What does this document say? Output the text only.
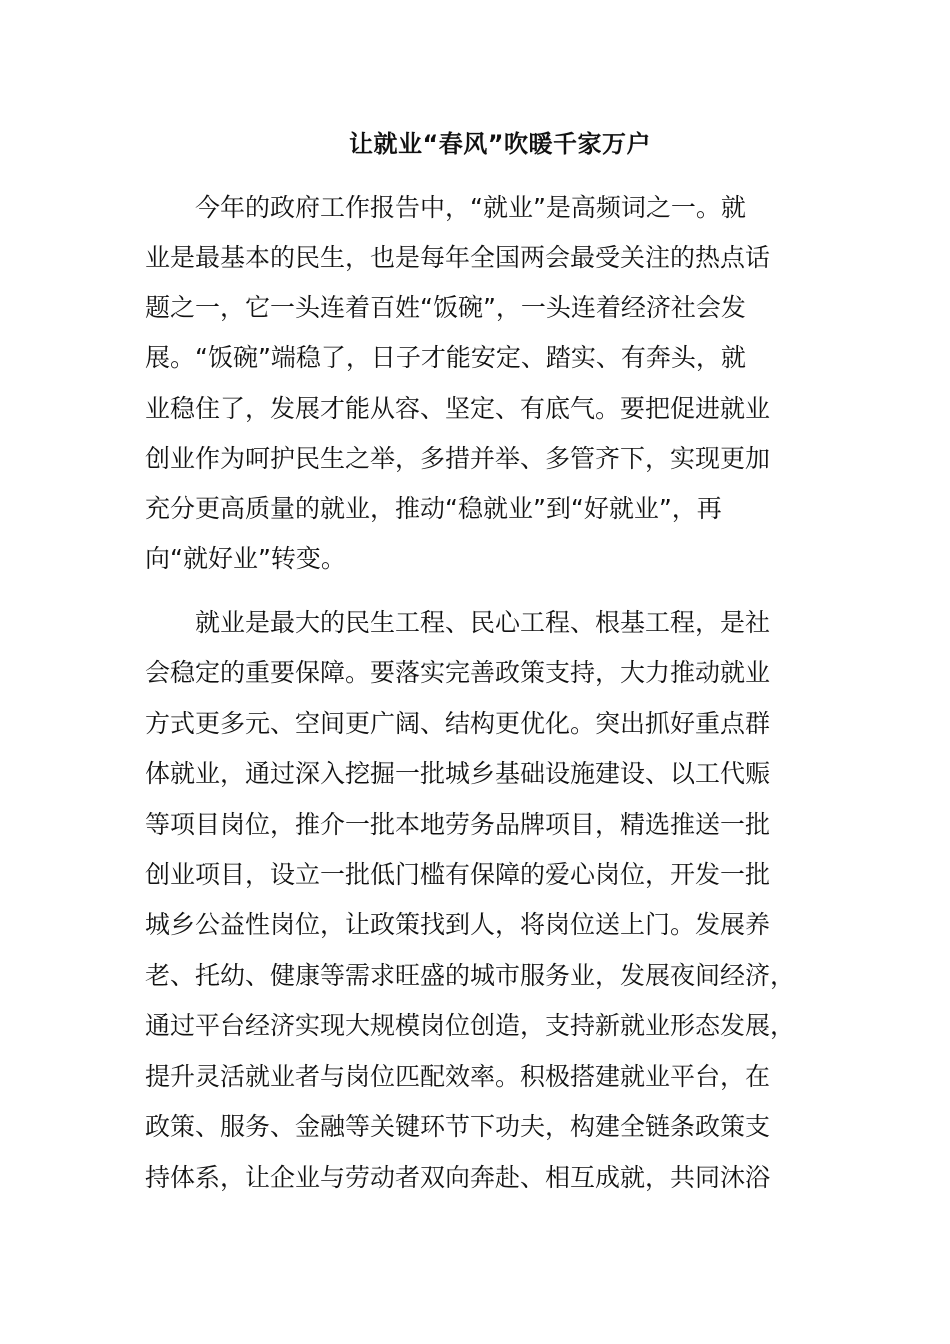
让就业“春风”吹暖千家万户

今年的政府工作报告中，“就业”是高频词之一。就

业是最基本的民生，也是每年全国两会最受关注的热点话

题之一，它一头连着百姓“饭碗”，一头连着经济社会发

展。“饭碗”端稳了，日子才能安定、踏实、有奔头，就

业稳住了，发展才能从容、坚定、有底气。要把促进就业

创业作为呵护民生之举，多措并举、多管齐下，实现更加

充分更高质量的就业，推动“稳就业”到“好就业”，再

向“就好业”转变。

就业是最大的民生工程、民心工程、根基工程，是社

会稳定的重要保障。要落实完善政策支持，大力推动就业

方式更多元、空间更广阔、结构更优化。突出抓好重点群

体就业，通过深入挖掘一批城乡基础设施建设、以工代赈

等项目岗位，推介一批本地劳务品牌项目，精选推送一批

创业项目，设立一批低门槛有保障的爱心岗位，开发一批

城乡公益性岗位，让政策找到人，将岗位送上门。发展养

老、托幼、健康等需求旺盛的城市服务业，发展夜间经济，

通过平台经济实现大规模岗位创造，支持新就业形态发展，

提升灵活就业者与岗位匹配效率。积极搭建就业平台，在

政策、服务、金融等关键环节下功夫，构建全链条政策支

持体系，让企业与劳动者双向奔赴、相互成就，共同沐浴
